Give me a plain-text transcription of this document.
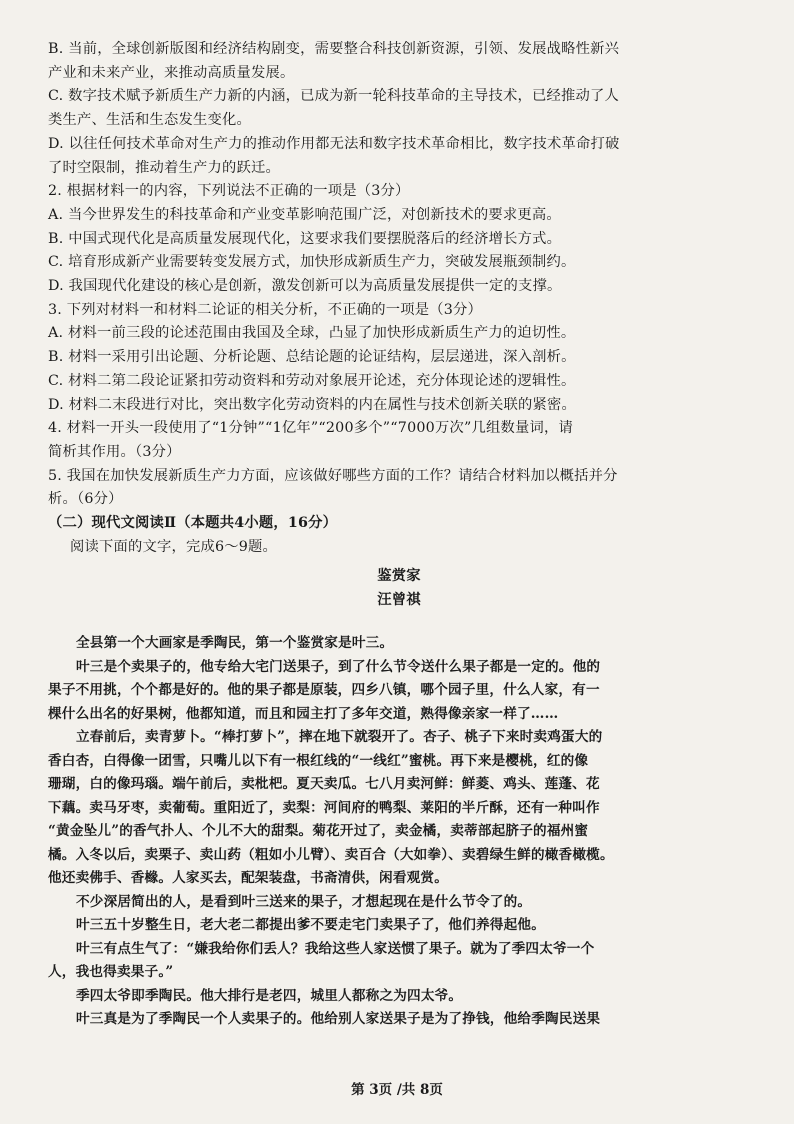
B. 当前，全球创新版图和经济结构剧变，需要整合科技创新资源，引领、发展战略性新兴
产业和未来产业，来推动高质量发展。
C. 数字技术赋予新质生产力新的内涵，已成为新一轮科技革命的主导技术，已经推动了人
类生产、生活和生态发生变化。
D. 以往任何技术革命对生产力的推动作用都无法和数字技术革命相比，数字技术革命打破
了时空限制，推动着生产力的跃迁。
2. 根据材料一的内容，下列说法不正确的一项是（3分）
A. 当今世界发生的科技革命和产业变革影响范围广泛，对创新技术的要求更高。
B. 中国式现代化是高质量发展现代化，这要求我们要摆脱落后的经济增长方式。
C. 培育形成新产业需要转变发展方式，加快形成新质生产力，突破发展瓶颈制约。
D. 我国现代化建设的核心是创新，激发创新可以为高质量发展提供一定的支撑。
3. 下列对材料一和材料二论证的相关分析，不正确的一项是（3分）
A. 材料一前三段的论述范围由我国及全球，凸显了加快形成新质生产力的迫切性。
B. 材料一采用引出论题、分析论题、总结论题的论证结构，层层递进，深入剖析。
C. 材料二第二段论证紧扣劳动资料和劳动对象展开论述，充分体现论述的逻辑性。
D. 材料二末段进行对比，突出数字化劳动资料的内在属性与技术创新关联的紧密。
4. 材料一开头一段使用了“1分钟”“1亿年”“200多个”“7000万次”几组数量词，请
简析其作用。（3分）
5. 我国在加快发展新质生产力方面，应该做好哪些方面的工作？请结合材料加以概括并分
析。（6分）
（二）现代文阅读Ⅱ（本题共4小题，16分）
阅读下面的文字，完成6～9题。
鉴赏家
汪曾祺
全县第一个大画家是季陶民，第一个鉴赏家是叶三。
叶三是个卖果子的，他专给大宅门送果子，到了什么节令送什么果子都是一定的。他的
果子不用挑，个个都是好的。他的果子都是原装，四乡八镇，哪个园子里，什么人家，有一
棵什么出名的好果树，他都知道，而且和园主打了多年交道，熟得像亲家一样了……
立春前后，卖青萝卜。“棒打萝卜”，摔在地下就裂开了。杏子、桃子下来时卖鸡蛋大的
香白杏，白得像一团雪，只嘴儿以下有一根红线的“一线红”蜜桃。再下来是樱桃，红的像
珊瑚，白的像玛瑙。端午前后，卖枇杷。夏天卖瓜。七八月卖河鲜：鲜菱、鸡头、莲蓬、花
下藕。卖马牙枣，卖葡萄。重阳近了，卖梨：河间府的鸭梨、莱阳的半斤酥，还有一种叫作
“黄金坠儿”的香气扑人、个儿不大的甜梨。菊花开过了，卖金橘，卖蒂部起脐子的福州蜜
橘。入冬以后，卖栗子、卖山药（粗如小儿臂）、卖百合（大如拳）、卖碧绿生鲜的橄香橄榄。
他还卖佛手、香橼。人家买去，配架装盘，书斋清供，闲看观赏。
不少深居简出的人，是看到叶三送来的果子，才想起现在是什么节令了的。
叶三五十岁整生日，老大老二都提出爹不要走宅门卖果子了，他们养得起他。
叶三有点生气了：“嫌我给你们丢人？我给这些人家送惯了果子。就为了季四太爷一个
人，我也得卖果子。”
季四太爷即季陶民。他大排行是老四，城里人都称之为四太爷。
叶三真是为了季陶民一个人卖果子的。他给别人家送果子是为了挣钱，他给季陶民送果
第 3页 /共 8页
